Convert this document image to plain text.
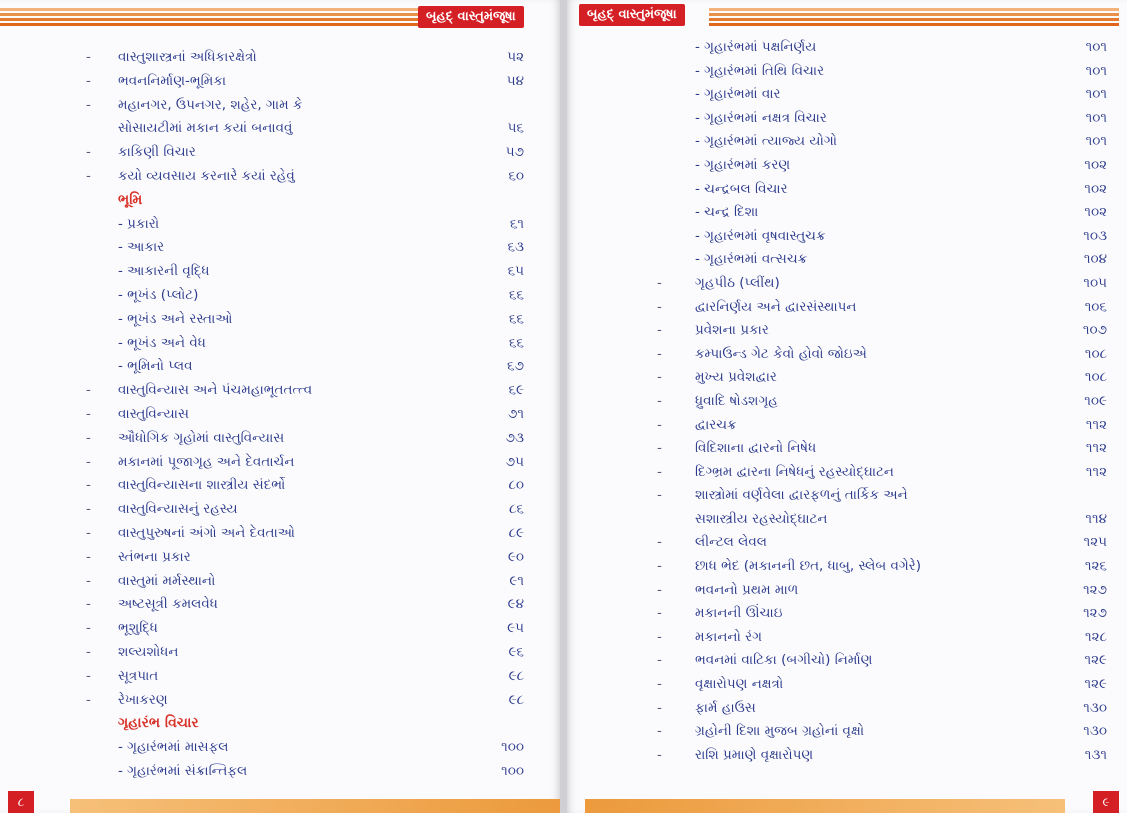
બૃહદ્ વાસ્તુમંજૂષા
- વાસ્તુશાસ્ત્રનાં અધિકારક્ષેત્રો	૫૨
- ભવનનિર્માણ-ભૂમિકા	૫૪
- મહાનગર, ઉપનગર, શહેર, ગામ કે
સોસાયટીમાં મકાન કયાં બનાવવું	૫૬
- કાકિણી વિચાર	૫૭
- કયો વ્યવસાય કરનારે કયાં રહેવું	૬૦
ભૂમિ
- પ્રકારો	૬૧
- આકાર	૬૩
- આકારની વૃદ્ધિ	૬૫
- ભૂખંડ (પ્લોટ)	૬૬
- ભૂખંડ અને રસ્તાઓ	૬૬
- ભૂખંડ અને વેધ	૬૬
- ભૂમિનો પ્લવ	૬૭
- વાસ્તુવિન્યાસ અને પંચમહાભૂતતત્ત્વ	૬૯
- વાસ્તુવિન્યાસ	૭૧
- ઔધોગિક ગૃહોમાં વાસ્તુવિન્યાસ	૭૩
- મકાનમાં પૂજાગૃહ અને દેવતાર્ચન	૭૫
- વાસ્તુવિન્યાસના શાસ્ત્રીય સંદર્ભો	૮૦
- વાસ્તુવિન્યાસનું રહસ્ય	૮૬
- વાસ્તુપુરુષનાં અંગો અને દેવતાઓ	૮૯
- સ્તંભના પ્રકાર	૯૦
- વાસ્તુમાં મર્મસ્થાનો	૯૧
- અષ્ટસૂત્રી કમલવેધ	૯૪
- ભૂશુદ્ધિ	૯૫
- શલ્યશોધન	૯૬
- સૂત્રપાત	૯૮
- રેખાકરણ	૯૮
ગૃહારંભ વિચાર
- ગૃહારંભમાં માસફલ	૧૦૦
- ગૃહારંભમાં સંક્રાન્તિફલ	૧૦૦
૮
બૃહદ્ વાસ્તુમંજૂષા
- ગૃહારંભમાં પક્ષનિર્ણય	૧૦૧
- ગૃહારંભમાં તિથિ વિચાર	૧૦૧
- ગૃહારંભમાં વાર	૧૦૧
- ગૃહારંભમાં નક્ષત્ર વિચાર	૧૦૧
- ગૃહારંભમાં ત્યાજ્ય યોગો	૧૦૧
- ગૃહારંભમાં કરણ	૧૦૨
- ચન્દ્રબલ વિચાર	૧૦૨
- ચન્દ્ર દિશા	૧૦૨
- ગૃહારંભમાં વૃષવાસ્તુચક્ર	૧૦૩
- ગૃહારંભમાં વત્સચક્ર	૧૦૪
- ગૃહપીઠ (પ્લીંથ)	૧૦૫
- દ્વારનિર્ણય અને દ્વારસંસ્થાપન	૧૦૬
- પ્રવેશના પ્રકાર	૧૦૭
- કમ્પાઉન્ડ ગેટ કેવો હોવો જોઇએ	૧૦૮
- મુખ્ય પ્રવેશદ્વાર	૧૦૮
- ધ્રુવાદિ ષોડશગૃહ	૧૦૯
- દ્વારચક્ર	૧૧૨
- વિદિશાના દ્વારનો નિષેધ	૧૧૨
- દિગ્ભ્રમ દ્વારના નિષેધનું રહસ્યોદ્ઘાટન	૧૧૨
- શાસ્ત્રોમાં વર્ણવેલા દ્વારફળનું તાર્કિક અને
સશાસ્ત્રીય રહસ્યોદ્ઘાટન	૧૧૪
- લીન્ટલ લેવલ	૧૨૫
- છાધ ભેદ (મકાનની છત, ધાબુ, સ્લેબ વગેરે)	૧૨૬
- ભવનનો પ્રથમ માળ	૧૨૭
- મકાનની ઊંચાઇ	૧૨૭
- મકાનનો રંગ	૧૨૮
- ભવનમાં વાટિકા (બગીચો) નિર્માણ	૧૨૯
- વૃક્ષારોપણ નક્ષત્રો	૧૨૯
- ફાર્મ હાઉસ	૧૩૦
- ગ્રહોની દિશા મુજબ ગ્રહોનાં વૃક્ષો	૧૩૦
- રાશિ પ્રમાણે વૃક્ષારોપણ	૧૩૧
૯
